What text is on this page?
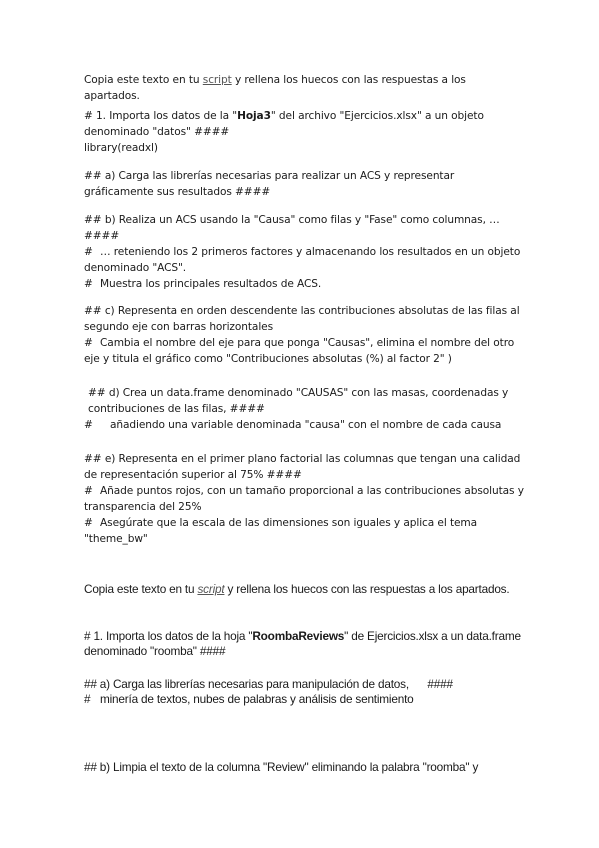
Copia este texto en tu script y rellena los huecos con las respuestas a los apartados.

# 1. Importa los datos de la "Hoja3" del archivo "Ejercicios.xlsx" a un objeto denominado "datos" ####

library(readxl)

## a) Carga las librerías necesarias para realizar un ACS y representar gráficamente sus resultados ####

## b) Realiza un ACS usando la "Causa" como filas y "Fase" como columnas, … ####

# … reteniendo los 2 primeros factores y almacenando los resultados en un objeto denominado "ACS".

# Muestra los principales resultados de ACS.

## c) Representa en orden descendente las contribuciones absolutas de las filas al segundo eje con barras horizontales

# Cambia el nombre del eje para que ponga "Causas", elimina el nombre del otro eje y titula el gráfico como "Contribuciones absolutas (%) al factor 2" )

## d) Crea un data.frame denominado "CAUSAS" con las masas, coordenadas y contribuciones de las filas, ####

# añadiendo una variable denominada "causa" con el nombre de cada causa

## e) Representa en el primer plano factorial las columnas que tengan una calidad de representación superior al 75% ####

# Añade puntos rojos, con un tamaño proporcional a las contribuciones absolutas y transparencia del 25%

# Asegúrate que la escala de las dimensiones son iguales y aplica el tema "theme_bw"

Copia este texto en tu script y rellena los huecos con las respuestas a los apartados.

# 1. Importa los datos de la hoja "RoombaReviews" de Ejercicios.xlsx a un data.frame denominado "roomba" ####

## a) Carga las librerías necesarias para manipulación de datos,      ####

# minería de textos, nubes de palabras y análisis de sentimiento

## b) Limpia el texto de la columna "Review" eliminando la palabra "roomba" y
